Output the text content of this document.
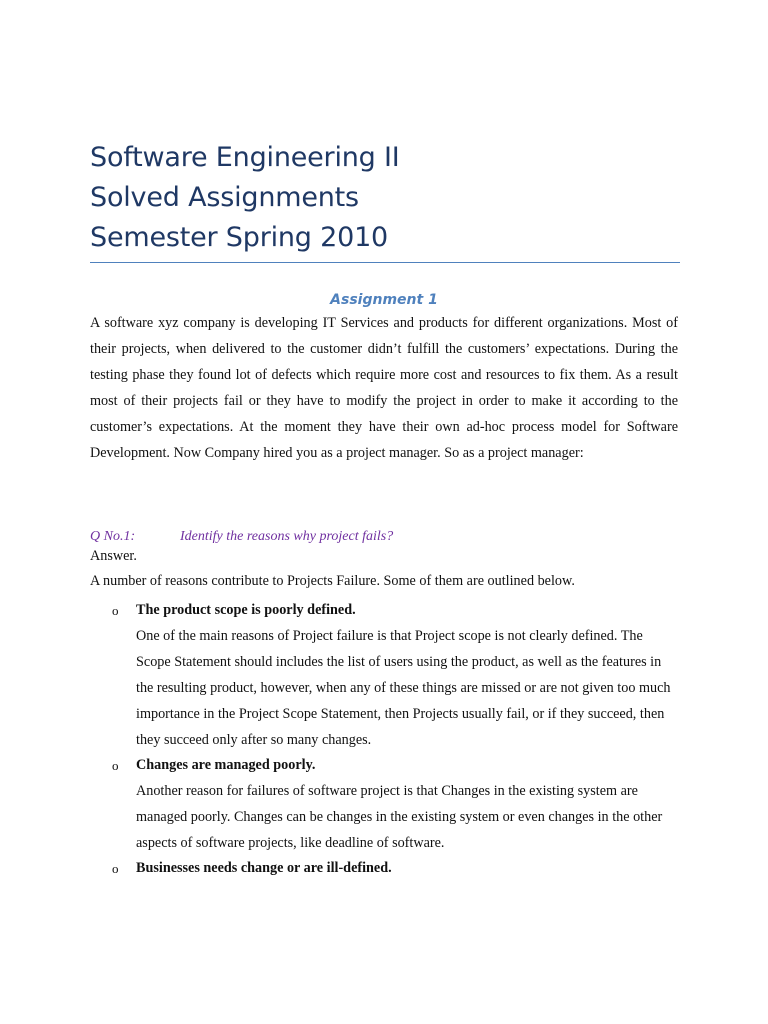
Software Engineering II
Solved Assignments
Semester Spring 2010
Assignment 1
A software xyz company is developing IT Services and products for different organizations. Most of their projects, when delivered to the customer didn’t fulfill the customers’ expectations. During the testing phase they found lot of defects which require more cost and resources to fix them. As a result most of their projects fail or they have to modify the project in order to make it according to the customer’s expectations. At the moment they have their own ad-hoc process model for Software Development. Now Company hired you as a project manager. So as a project manager:
Q No.1:	Identify the reasons why project fails?
Answer.
A number of reasons contribute to Projects Failure. Some of them are outlined below.
o The product scope is poorly defined.
One of the main reasons of Project failure is that Project scope is not clearly defined. The Scope Statement should includes the list of users using the product, as well as the features in the resulting product, however, when any of these things are missed or are not given too much importance in the Project Scope Statement, then Projects usually fail, or if they succeed, then they succeed only after so many changes.
o Changes are managed poorly.
Another reason for failures of software project is that Changes in the existing system are managed poorly. Changes can be changes in the existing system or even changes in the other aspects of software projects, like deadline of software.
o Businesses needs change or are ill-defined.
